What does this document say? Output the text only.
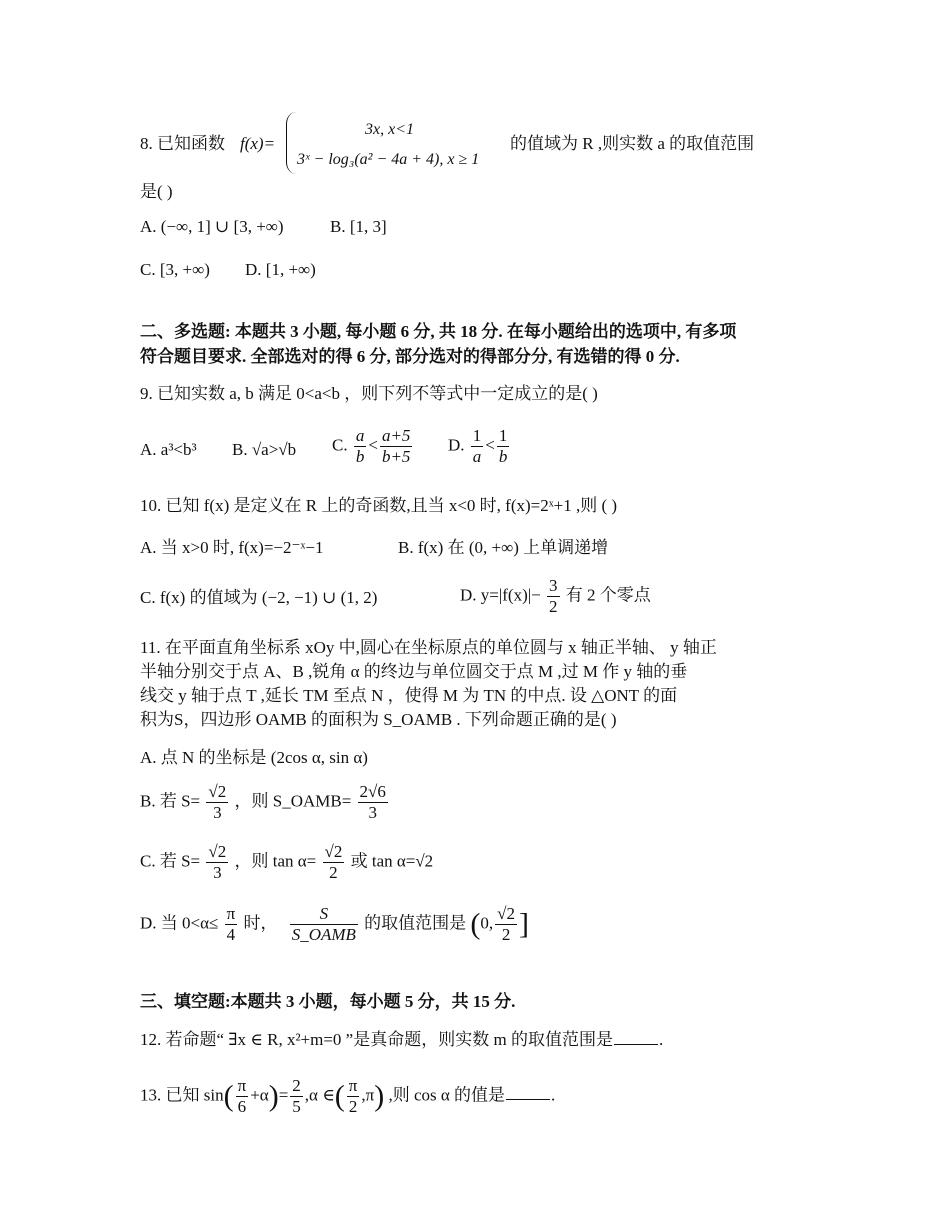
8. 已知函数 f(x)=
3x, x<1
3ˣ − log₃(a² − 4a + 4), x ≥ 1
的值域为 R ,则实数 a 的取值范围
是( )
A. (−∞, 1] ∪ [3, +∞)	B. [1, 3]
C. [3, +∞) D. [1, +∞)
二、多选题: 本题共 3 小题, 每小题 6 分, 共 18 分. 在每小题给出的选项中, 有多项
符合题目要求. 全部选对的得 6 分, 部分选对的得部分分, 有选错的得 0 分.
9. 已知实数 a, b 满足 0<a<b ，则下列不等式中一定成立的是( )
A. a³<b³ B. √a>√b C. $\frac{a}{b} < \frac{a+5}{b+5} D$. $\frac{1}{a} < \frac{1}{b}$
10. 已知 f(x) 是定义在 R 上的奇函数,且当 x<0 时, f(x)=2ˣ+1 ,则 ( )
A. 当 x>0 时, f(x)=−2⁻ˣ−1	B. f(x) 在 (0, +∞) 上单调递增
C. f(x) 的值域为 (−2, −1) ∪ (1, 2)	D. $y=|f(x)|- \frac{3}{2}$ 有 2 个零点
11. 在平面直角坐标系 xOy 中,圆心在坐标原点的单位圆与 x 轴正半轴、 y 轴正
半轴分别交于点 A、B ,锐角 α 的终边与单位圆交于点 M ,过 M 作 y 轴的垂
线交 y 轴于点 T ,延长 TM 至点 N ，使得 M 为 TN 的中点. 设 △ONT 的面
积为S，四边形 OAMB 的面积为 S_OAMB . 下列命题正确的是( )
A. 点 N 的坐标是 (2cos α, sin α)
B. 若 $S= \frac{√2}{3}$ ，则 S_OAMB= $\frac{2√6}{3}$
C. 若 $S= \frac{√2}{3}$ ，则 $\tan \alpha= \frac{√2}{2}$ 或 tan α=√2
D. 当 $0<\alpha\le \frac{\pi}{4}$ 时， $\frac{S}{\text{S\_OAMB}}$ 的取值范围是 (0, $\frac{√2}{2}$ ]
三、填空题:本题共 3 小题，每小题 5 分，共 15 分.
12. 若命题“ ∃x ∈ R, x²+m=0 ”是真命题，则实数 m 的取值范围是	.
13. 已知 $\sin( \frac{\pi}{6} +\alpha)= \frac{2}{5} ,\alpha$ ∈( $\frac{\pi}{2} ,\pi$) ,则 cos α 的值是	.
